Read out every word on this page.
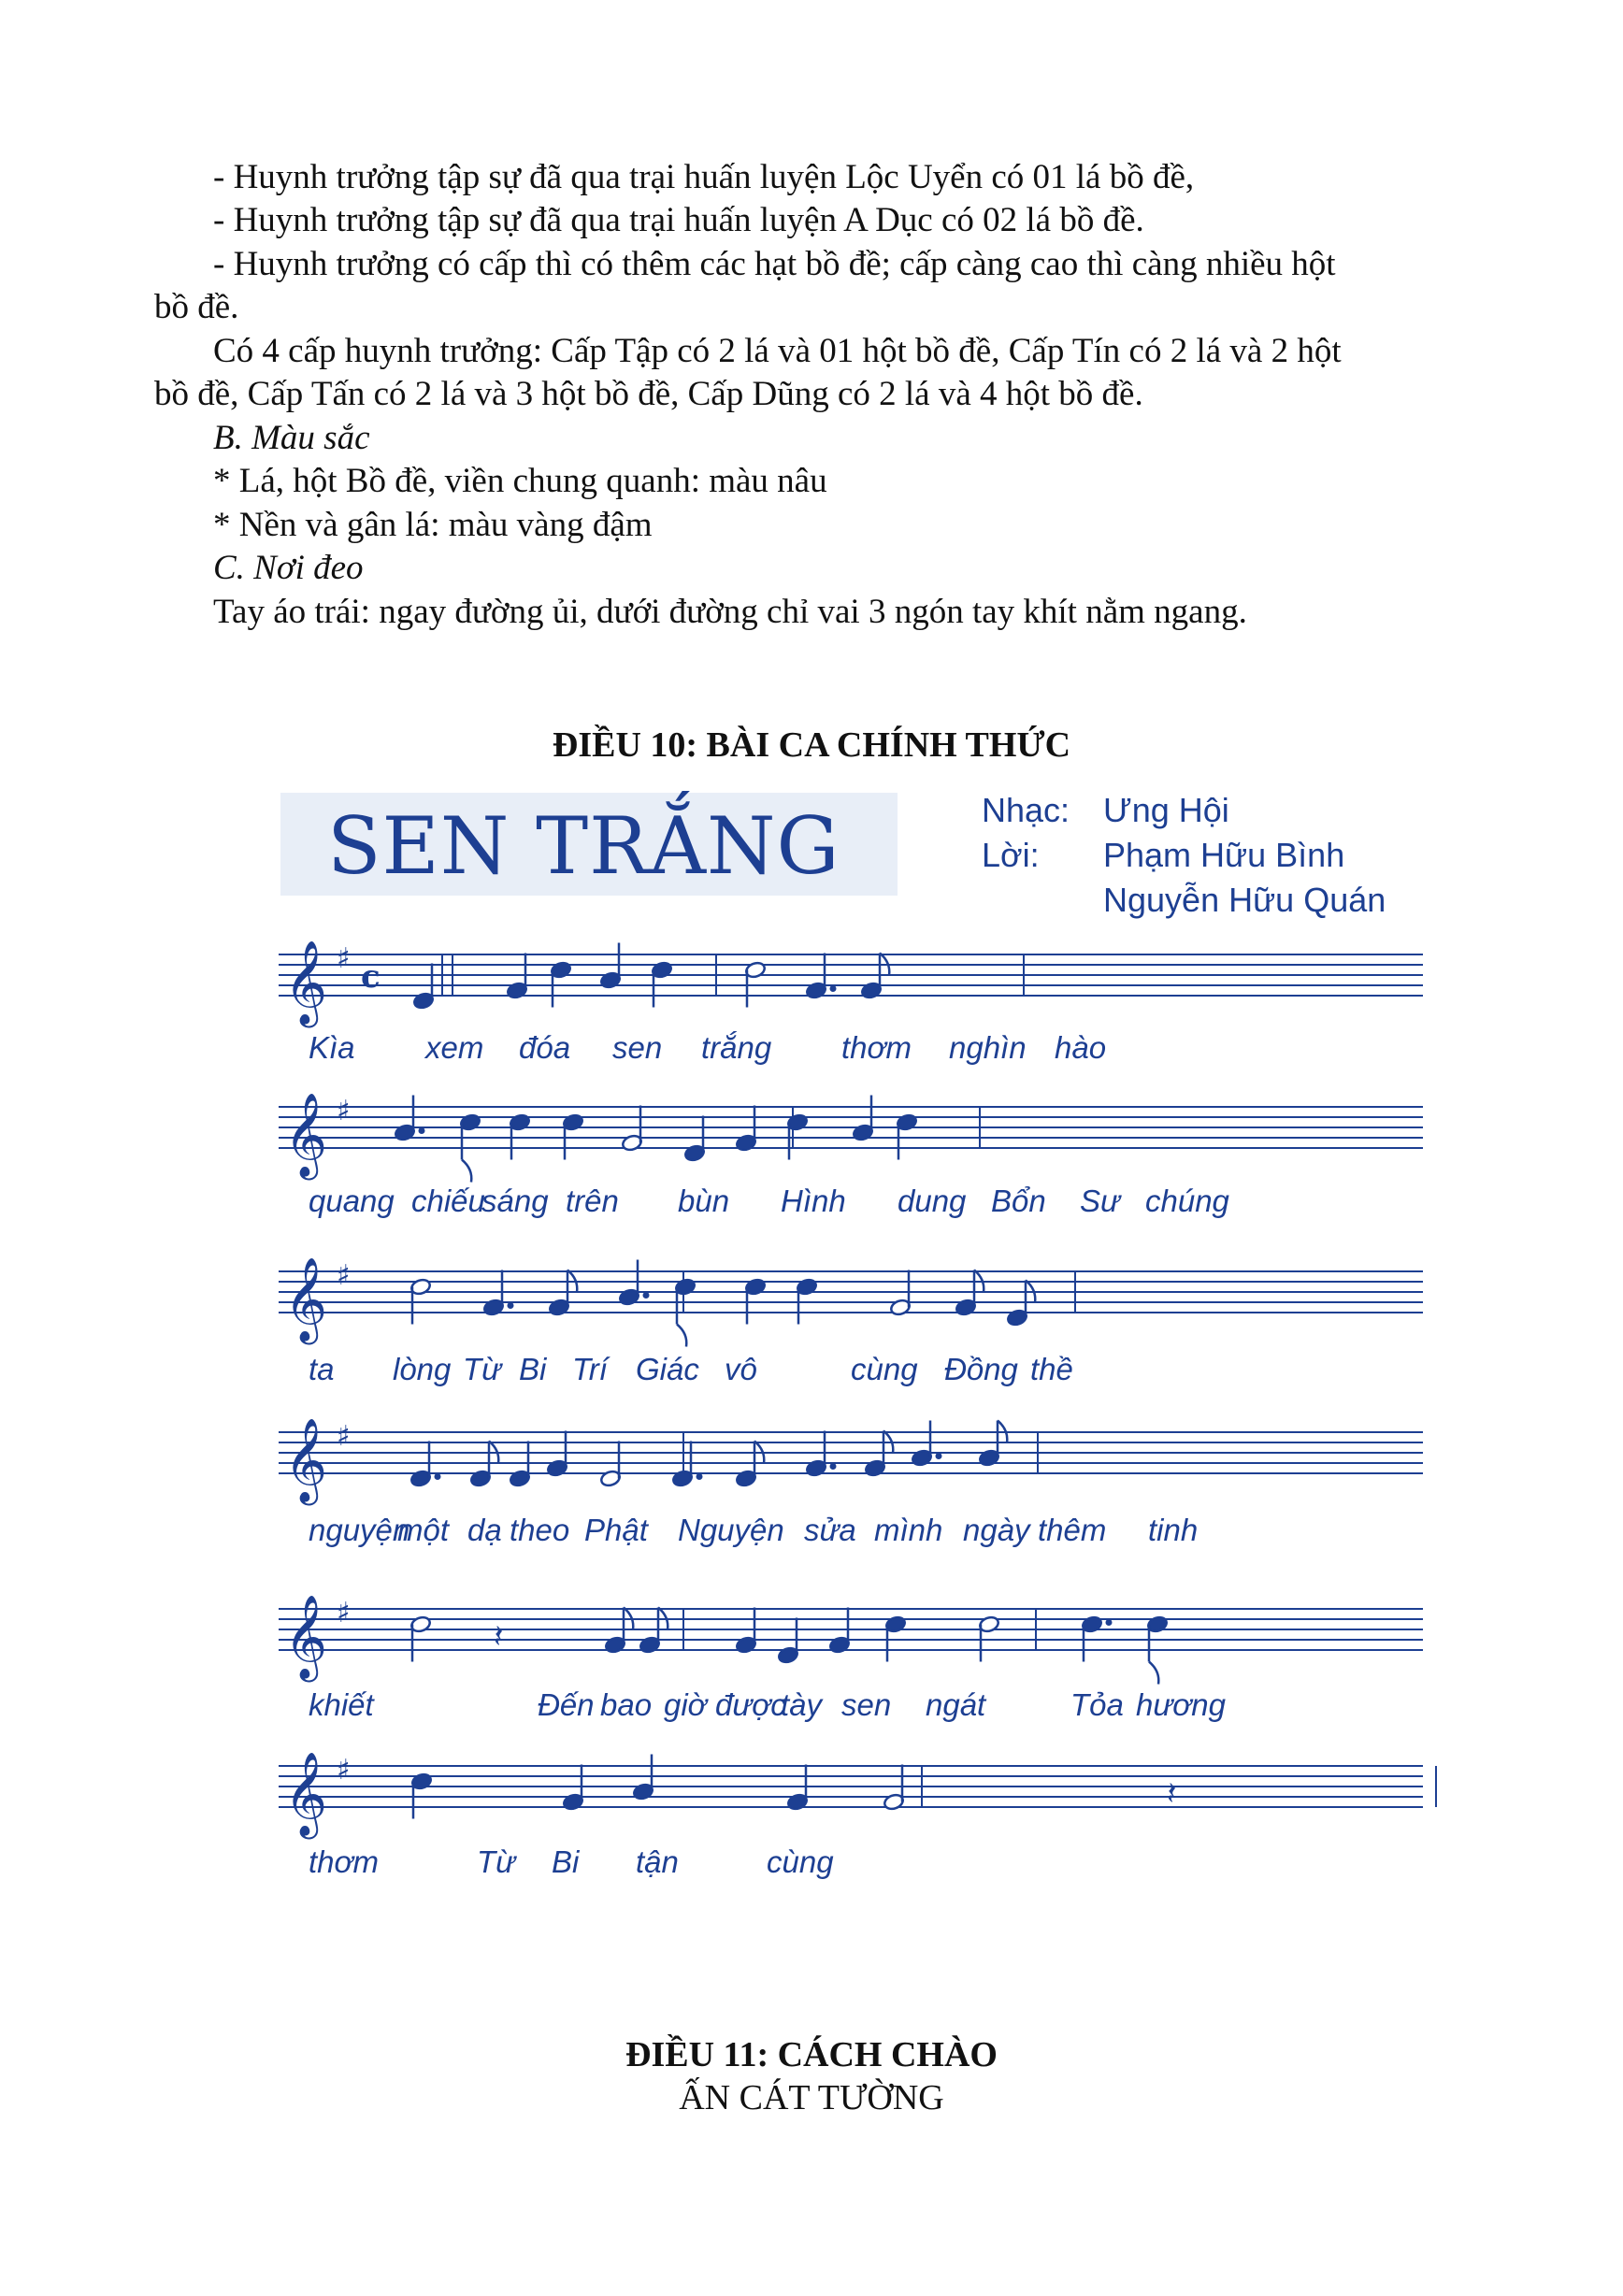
- Huynh trưởng tập sự đã qua trại huấn luyện Lộc Uyển có 01 lá bồ đề,
- Huynh trưởng tập sự đã qua trại huấn luyện A Dục có 02 lá bồ đề.
- Huynh trưởng có cấp thì có thêm các hạt bồ đề; cấp càng cao thì càng nhiều hột
bồ đề.
Có 4 cấp huynh trưởng: Cấp Tập có 2 lá và 01 hột bồ đề, Cấp Tín có 2 lá và 2 hột
bồ đề, Cấp Tấn có 2 lá và 3 hột bồ đề, Cấp Dũng có 2 lá và 4 hột bồ đề.
B. Màu sắc
* Lá, hột Bồ đề, viền chung quanh: màu nâu
* Nền và gân lá: màu vàng đậm
C. Nơi đeo
Tay áo trái: ngay đường ủi, dưới đường chỉ vai 3 ngón tay khít nằm ngang.
ĐIỀU 10: BÀI CA CHÍNH THỨC
SEN TRẮNG	Nhạc: Ưng Hội
Lời: Phạm Hữu Bình
Nguyễn Hữu Quán
𝄞 ♯ c
𝄞 ♯
𝄞 ♯
𝄞 ♯
𝄞 ♯
𝄽
𝄞 ♯
𝄽
Kìa xem đóa sen trắng thơm nghìn hào
quang chiếu
sáng trên bùn Hình dung Bổn Sư chúng
ta lòng Từ Bi Trí Giác vô	cùng Đồng thề
nguyện
một dạ theo Phật Nguyện sửa mình ngày thêm tinh
khiết	Đến bao giờ được
tày sen ngát	Tỏa hương
thơm	Từ Bi tận	cùng
ĐIỀU 11: CÁCH CHÀO
ẤN CÁT TƯỜNG
